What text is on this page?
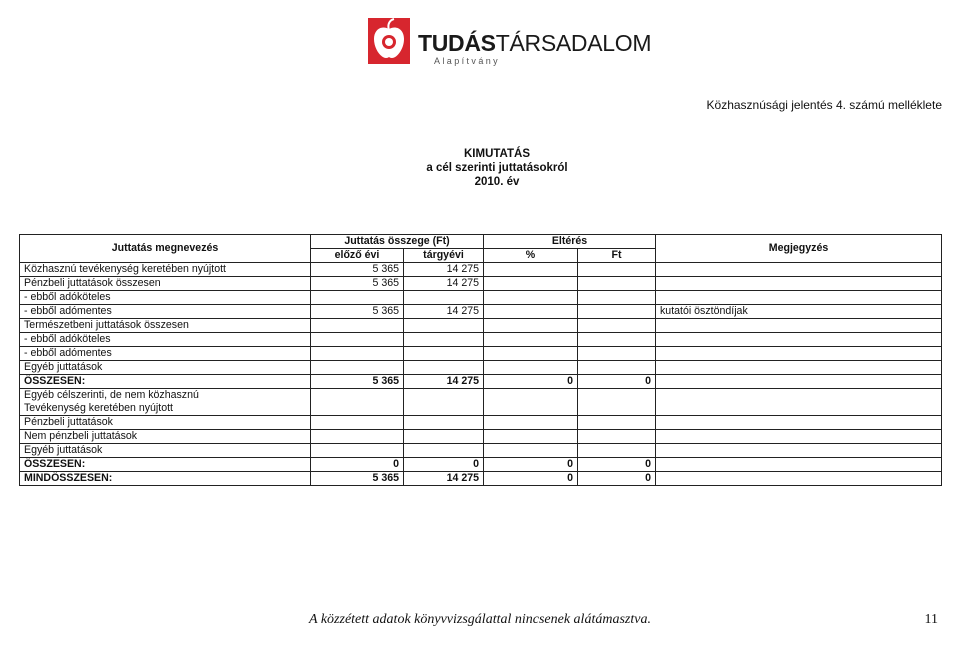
TUDÁSTÁRSADALOM
Alapítvány
Közhasznúsági jelentés 4. számú melléklete
KIMUTATÁS
a cél szerinti juttatásokról
2010. év
Juttatás megnevezés	Juttatás összege (Ft)		Eltérés		Megjegyzés
	előző évi	tárgyévi	%	Ft	
Közhasznú tevékenység keretében nyújtott	5 365	14 275			
Pénzbeli juttatások összesen	5 365	14 275			
- ebből adóköteles					
- ebből adómentes	5 365	14 275			kutatói ösztöndíjak
Természetbeni juttatások összesen					
- ebből adóköteles					
- ebből adómentes					
Egyéb juttatások					
ÖSSZESEN:	5 365	14 275	0	0	
Egyéb célszerinti, de nem közhasznú
Tevékenység keretében nyújtott					
Pénzbeli juttatások					
Nem pénzbeli juttatások					
Egyéb juttatások					
ÖSSZESEN:	0	0	0	0	
MINDÖSSZESEN:	5 365	14 275	0	0	
A közzétett adatok könyvvizsgálattal nincsenek alátámasztva.	11
